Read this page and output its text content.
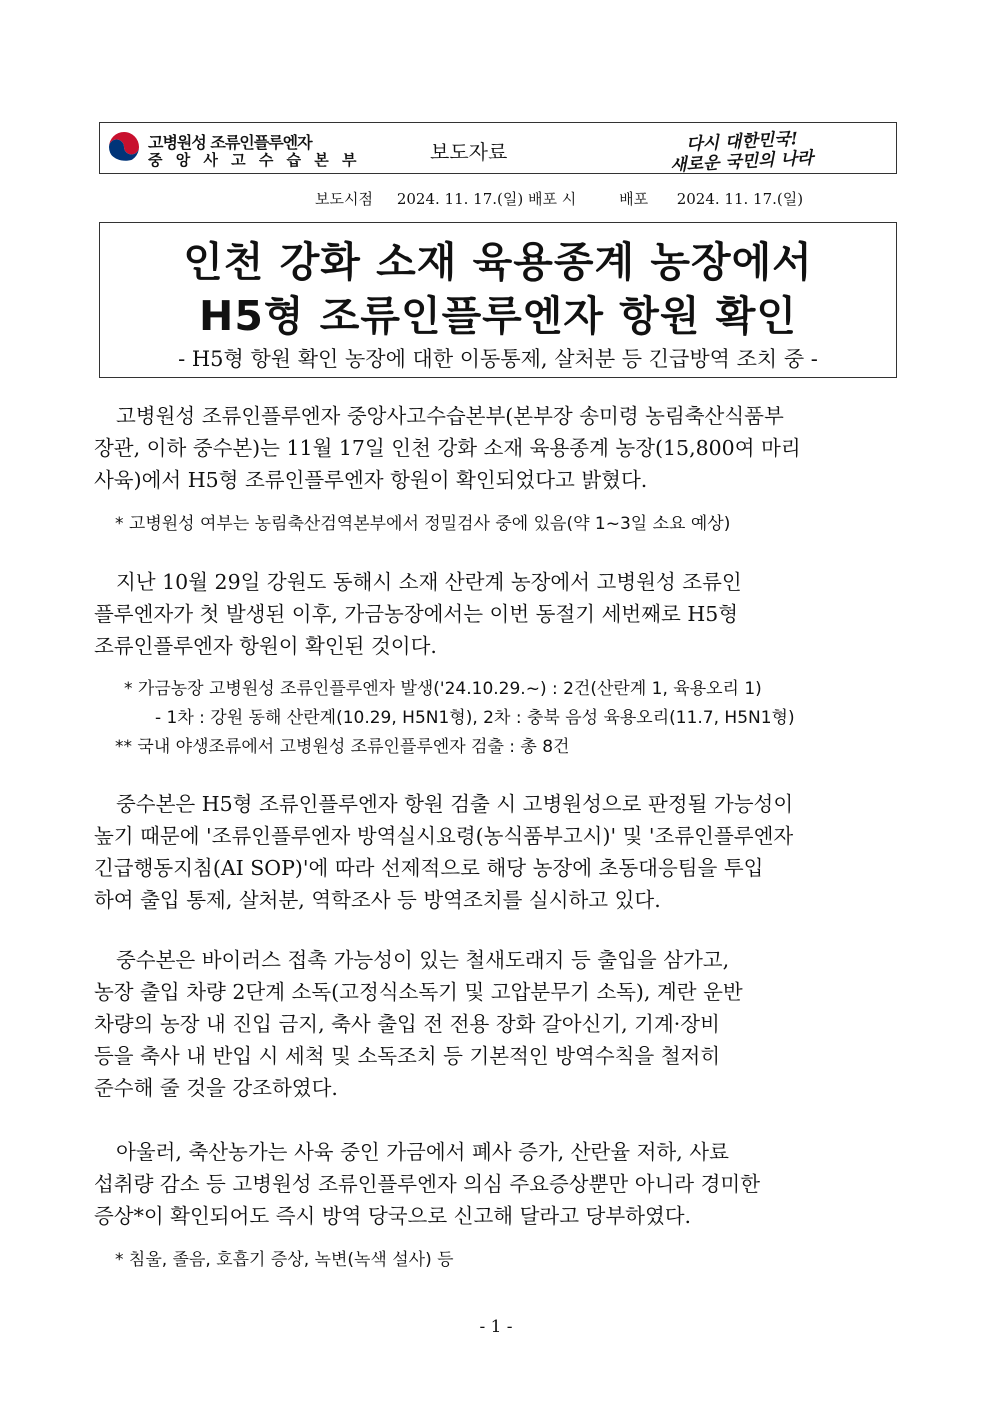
고병원성 조류인플루엔자
중 앙 사 고 수 습 본 부	보도자료	다시 대한민국!
새로운 국민의 나라
보도시점 2024. 11. 17.(일) 배포 시	배포 2024. 11. 17.(일)
인천 강화 소재 육용종계 농장에서
H5형 조류인플루엔자 항원 확인
- H5형 항원 확인 농장에 대한 이동통제, 살처분 등 긴급방역 조치 중 -
고병원성 조류인플루엔자 중앙사고수습본부(본부장 송미령 농림축산식품부
장관, 이하 중수본)는 11월 17일 인천 강화 소재 육용종계 농장(15,800여 마리
사육)에서 H5형 조류인플루엔자 항원이 확인되었다고 밝혔다.
* 고병원성 여부는 농림축산검역본부에서 정밀검사 중에 있음(약 1~3일 소요 예상)
지난 10월 29일 강원도 동해시 소재 산란계 농장에서 고병원성 조류인
플루엔자가 첫 발생된 이후, 가금농장에서는 이번 동절기 세번째로 H5형
조류인플루엔자 항원이 확인된 것이다.
* 가금농장 고병원성 조류인플루엔자 발생('24.10.29.~) : 2건(산란계 1, 육용오리 1)
- 1차 : 강원 동해 산란계(10.29, H5N1형), 2차 : 충북 음성 육용오리(11.7, H5N1형)
** 국내 야생조류에서 고병원성 조류인플루엔자 검출 : 총 8건
중수본은 H5형 조류인플루엔자 항원 검출 시 고병원성으로 판정될 가능성이
높기 때문에 '조류인플루엔자 방역실시요령(농식품부고시)' 및 '조류인플루엔자
긴급행동지침(AI SOP)'에 따라 선제적으로 해당 농장에 초동대응팀을 투입
하여 출입 통제, 살처분, 역학조사 등 방역조치를 실시하고 있다.
중수본은 바이러스 접촉 가능성이 있는 철새도래지 등 출입을 삼가고,
농장 출입 차량 2단계 소독(고정식소독기 및 고압분무기 소독), 계란 운반
차량의 농장 내 진입 금지, 축사 출입 전 전용 장화 갈아신기, 기계·장비
등을 축사 내 반입 시 세척 및 소독조치 등 기본적인 방역수칙을 철저히
준수해 줄 것을 강조하였다.
아울러, 축산농가는 사육 중인 가금에서 폐사 증가, 산란율 저하, 사료
섭취량 감소 등 고병원성 조류인플루엔자 의심 주요증상뿐만 아니라 경미한
증상*이 확인되어도 즉시 방역 당국으로 신고해 달라고 당부하였다.
* 침울, 졸음, 호흡기 증상, 녹변(녹색 설사) 등
- 1 -
